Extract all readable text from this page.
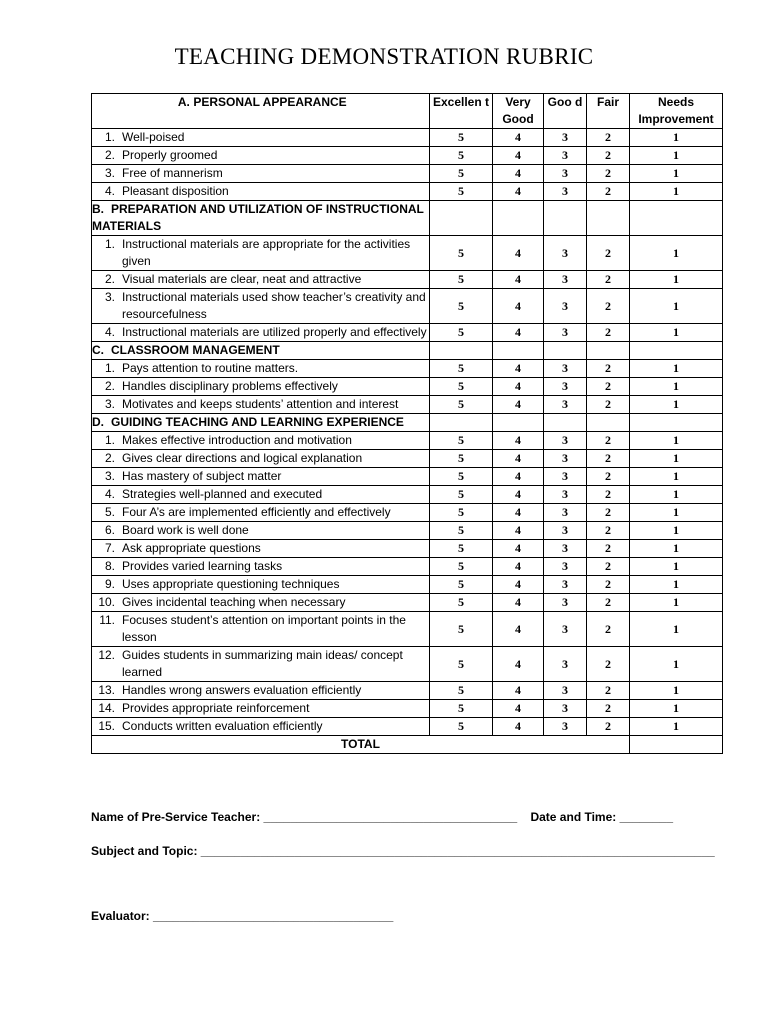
TEACHING DEMONSTRATION RUBRIC
A. PERSONAL APPEARANCE	Excellen t	Very Good	Goo d	Fair	Needs Improvement

1. Well-poised	5	4	3	2	1

2. Properly groomed	5	4	3	2	1

3. Free of mannerism	5	4	3	2	1

4. Pleasant disposition	5	4	3	2	1
B. PREPARATION AND UTILIZATION OF INSTRUCTIONAL MATERIALS					

1. Instructional materials are appropriate for the activities given	5	4	3	2	1

2. Visual materials are clear, neat and attractive	5	4	3	2	1

3. Instructional materials used show teacher’s creativity and resourcefulness	5	4	3	2	1

4. Instructional materials are utilized properly and effectively	5	4	3	2	1
C. CLASSROOM MANAGEMENT					

1. Pays attention to routine matters.	5	4	3	2	1

2. Handles disciplinary problems effectively	5	4	3	2	1

3. Motivates and keeps students’ attention and interest	5	4	3	2	1
D. GUIDING TEACHING AND LEARNING EXPERIENCE					

1. Makes effective introduction and motivation	5	4	3	2	1

2. Gives clear directions and logical explanation	5	4	3	2	1

3. Has mastery of subject matter	5	4	3	2	1

4. Strategies well-planned and executed	5	4	3	2	1

5. Four A’s are implemented efficiently and effectively	5	4	3	2	1

6. Board work is well done	5	4	3	2	1

7. Ask appropriate questions	5	4	3	2	1

8. Provides varied learning tasks	5	4	3	2	1

9. Uses appropriate questioning techniques	5	4	3	2	1

10. Gives incidental teaching when necessary	5	4	3	2	1

11. Focuses student’s attention on important points in the lesson	5	4	3	2	1

12. Guides students in summarizing main ideas/ concept learned	5	4	3	2	1

13. Handles wrong answers evaluation efficiently	5	4	3	2	1

14. Provides appropriate reinforcement	5	4	3	2	1

15. Conducts written evaluation efficiently	5	4	3	2	1
TOTAL					
Name of Pre-Service Teacher: ______________________________________    Date and Time: ________
Subject and Topic: _____________________________________________________________________________
Evaluator: ____________________________________
